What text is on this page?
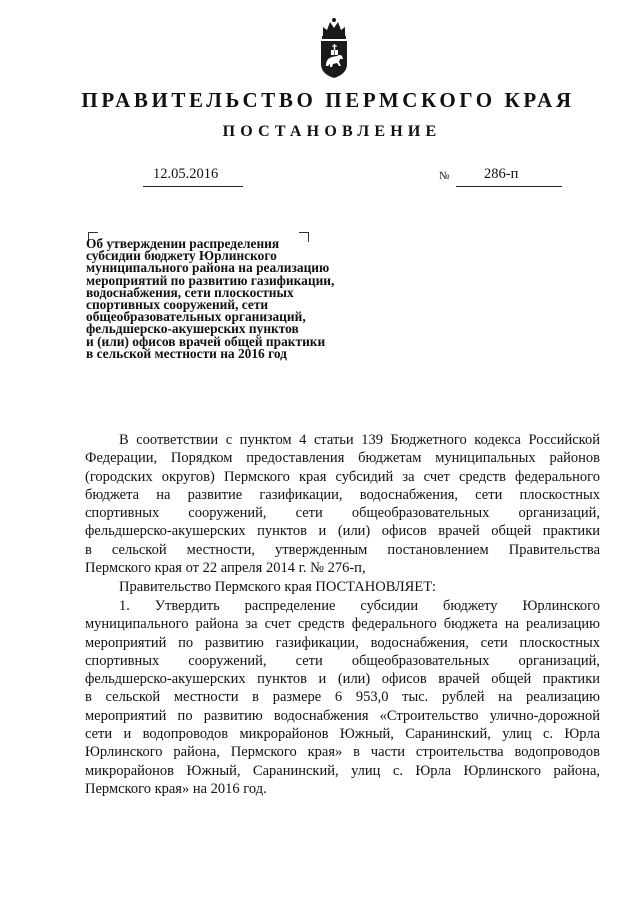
ПРАВИТЕЛЬСТВО ПЕРМСКОГО КРАЯ
ПОСТАНОВЛЕНИЕ
12.05.2016	№ 286-п
Об утверждении распределения
субсидии бюджету Юрлинского
муниципального района на реализацию
мероприятий по развитию газификации,
водоснабжения, сети плоскостных
спортивных сооружений, сети
общеобразовательных организаций,
фельдшерско-акушерских пунктов
и (или) офисов врачей общей практики
в сельской местности на 2016 год
В соответствии с пунктом 4 статьи 139 Бюджетного кодекса Российской
Федерации, Порядком предоставления бюджетам муниципальных районов
(городских округов) Пермского края субсидий за счет средств федерального
бюджета на развитие газификации, водоснабжения, сети плоскостных
спортивных сооружений, сети общеобразовательных организаций,
фельдшерско-акушерских пунктов и (или) офисов врачей общей практики
в сельской местности, утвержденным постановлением Правительства
Пермского края от 22 апреля 2014 г. № 276-п,
Правительство Пермского края ПОСТАНОВЛЯЕТ:
1. Утвердить распределение субсидии бюджету Юрлинского
муниципального района за счет средств федерального бюджета на реализацию
мероприятий по развитию газификации, водоснабжения, сети плоскостных
спортивных сооружений, сети общеобразовательных организаций,
фельдшерско-акушерских пунктов и (или) офисов врачей общей практики
в сельской местности в размере 6 953,0 тыс. рублей на реализацию
мероприятий по развитию водоснабжения «Строительство улично-дорожной
сети и водопроводов микрорайонов Южный, Саранинский, улиц с. Юрла
Юрлинского района, Пермского края» в части строительства водопроводов
микрорайонов Южный, Саранинский, улиц с. Юрла Юрлинского района,
Пермского края» на 2016 год.
